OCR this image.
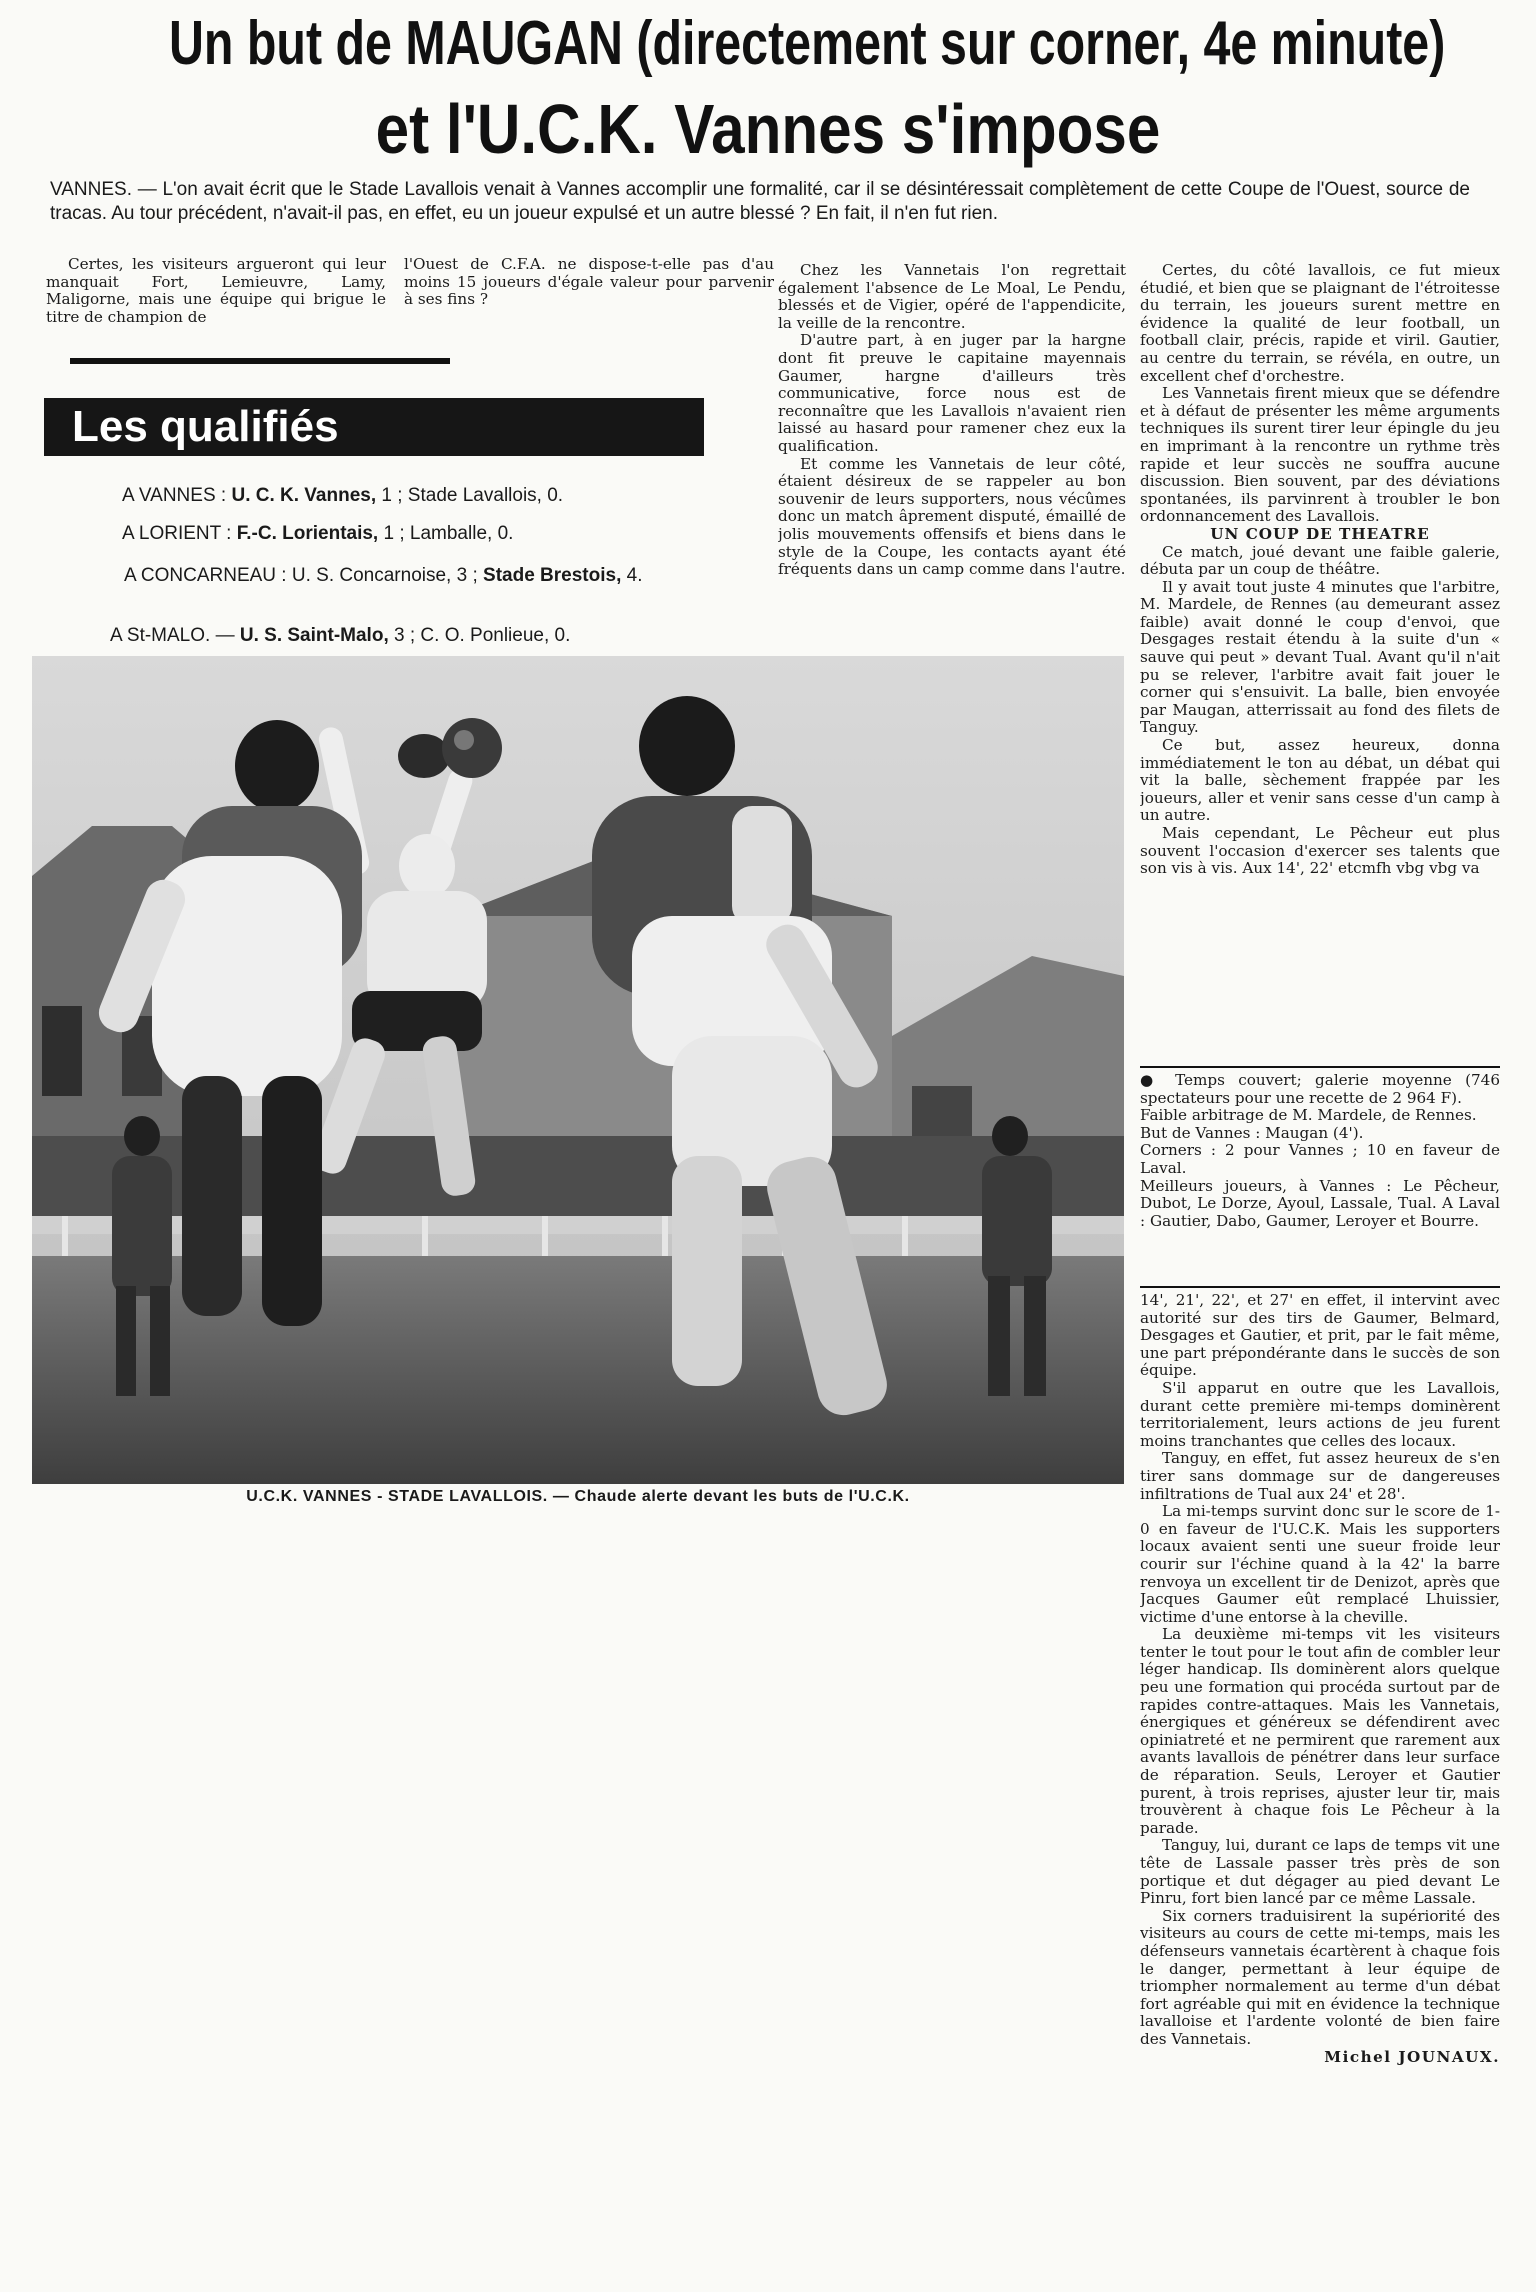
Un but de MAUGAN (directement sur corner, 4e minute)
et l'U.C.K. Vannes s'impose
VANNES. — L'on avait écrit que le Stade Lavallois venait à Vannes accomplir une formalité, car il se désintéressait complètement de cette Coupe de l'Ouest, source de tracas. Au tour précédent, n'avait-il pas, en effet, eu un joueur expulsé et un autre blessé ? En fait, il n'en fut rien.

Certes, les visiteurs argueront qui leur manquait Fort, Lemieuvre, Lamy, Maligorne, mais une équipe qui brigue le titre de champion de

l'Ouest de C.F.A. ne dispose-t-elle pas d'au moins 15 joueurs d'égale valeur pour parvenir à ses fins ?

Les qualifiés
A VANNES : U. C. K. Vannes, 1 ; Stade Lavallois, 0.
A LORIENT : F.-C. Lorientais, 1 ; Lamballe, 0.
A CONCARNEAU : U. S. Concarnoise, 3 ; Stade Brestois, 4.
A St-MALO. — U. S. Saint-Malo, 3 ; C. O. Ponlieue, 0.

Chez les Vannetais l'on regrettait également l'absence de Le Moal, Le Pendu, blessés et de Vigier, opéré de l'appendicite, la veille de la rencontre.

D'autre part, à en juger par la hargne dont fit preuve le capitaine mayennais Gaumer, hargne d'ailleurs très communicative, force nous est de reconnaître que les Lavallois n'avaient rien laissé au hasard pour ramener chez eux la qualification.

Et comme les Vannetais de leur côté, étaient désireux de se rappeler au bon souvenir de leurs supporters, nous vécûmes donc un match âprement disputé, émaillé de jolis mouvements offensifs et biens dans le style de la Coupe, les contacts ayant été fréquents dans un camp comme dans l'autre.

U.C.K. VANNES - STADE LAVALLOIS. — Chaude alerte devant les buts de l'U.C.K.

Certes, du côté lavallois, ce fut mieux étudié, et bien que se plaignant de l'étroitesse du terrain, les joueurs surent mettre en évidence la qualité de leur football, un football clair, précis, rapide et viril. Gautier, au centre du terrain, se révéla, en outre, un excellent chef d'orchestre.

Les Vannetais firent mieux que se défendre et à défaut de présenter les même arguments techniques ils surent tirer leur épingle du jeu en imprimant à la rencontre un rythme très rapide et leur succès ne souffra aucune discussion. Bien souvent, par des déviations spontanées, ils parvinrent à troubler le bon ordonnancement des Lavallois.

UN COUP DE THEATRE

Ce match, joué devant une faible galerie, débuta par un coup de théâtre.

Il y avait tout juste 4 minutes que l'arbitre, M. Mardele, de Rennes (au demeurant assez faible) avait donné le coup d'envoi, que Desgages restait étendu à la suite d'un « sauve qui peut » devant Tual. Avant qu'il n'ait pu se relever, l'arbitre avait fait jouer le corner qui s'ensuivit. La balle, bien envoyée par Maugan, atterrissait au fond des filets de Tanguy.

Ce but, assez heureux, donna immédiatement le ton au débat, un débat qui vit la balle, sèchement frappée par les joueurs, aller et venir sans cesse d'un camp à un autre.

Mais cependant, Le Pêcheur eut plus souvent l'occasion d'exercer ses talents que son vis à vis. Aux 14', 22' etcmfh vbg vbg va

● Temps couvert; galerie moyenne (746 spectateurs pour une recette de 2 964 F).

Faible arbitrage de M. Mardele, de Rennes.

But de Vannes : Maugan (4').

Corners : 2 pour Vannes ; 10 en faveur de Laval.

Meilleurs joueurs, à Vannes : Le Pêcheur, Dubot, Le Dorze, Ayoul, Lassale, Tual. A Laval : Gautier, Dabo, Gaumer, Leroyer et Bourre.

14', 21', 22', et 27' en effet, il intervint avec autorité sur des tirs de Gaumer, Belmard, Desgages et Gautier, et prit, par le fait même, une part prépondérante dans le succès de son équipe.

S'il apparut en outre que les Lavallois, durant cette première mi-temps dominèrent territorialement, leurs actions de jeu furent moins tranchantes que celles des locaux.

Tanguy, en effet, fut assez heureux de s'en tirer sans dommage sur de dangereuses infiltrations de Tual aux 24' et 28'.

La mi-temps survint donc sur le score de 1-0 en faveur de l'U.C.K. Mais les supporters locaux avaient senti une sueur froide leur courir sur l'échine quand à la 42' la barre renvoya un excellent tir de Denizot, après que Jacques Gaumer eût remplacé Lhuissier, victime d'une entorse à la cheville.

La deuxième mi-temps vit les visiteurs tenter le tout pour le tout afin de combler leur léger handicap. Ils dominèrent alors quelque peu une formation qui procéda surtout par de rapides contre-attaques. Mais les Vannetais, énergiques et généreux se défendirent avec opiniatreté et ne permirent que rarement aux avants lavallois de pénétrer dans leur surface de réparation. Seuls, Leroyer et Gautier purent, à trois reprises, ajuster leur tir, mais trouvèrent à chaque fois Le Pêcheur à la parade.

Tanguy, lui, durant ce laps de temps vit une tête de Lassale passer très près de son portique et dut dégager au pied devant Le Pinru, fort bien lancé par ce même Lassale.

Six corners traduisirent la supériorité des visiteurs au cours de cette mi-temps, mais les défenseurs vannetais écartèrent à chaque fois le danger, permettant à leur équipe de triompher normalement au terme d'un débat fort agréable qui mit en évidence la technique lavalloise et l'ardente volonté de bien faire des Vannetais.

Michel JOUNAUX.
